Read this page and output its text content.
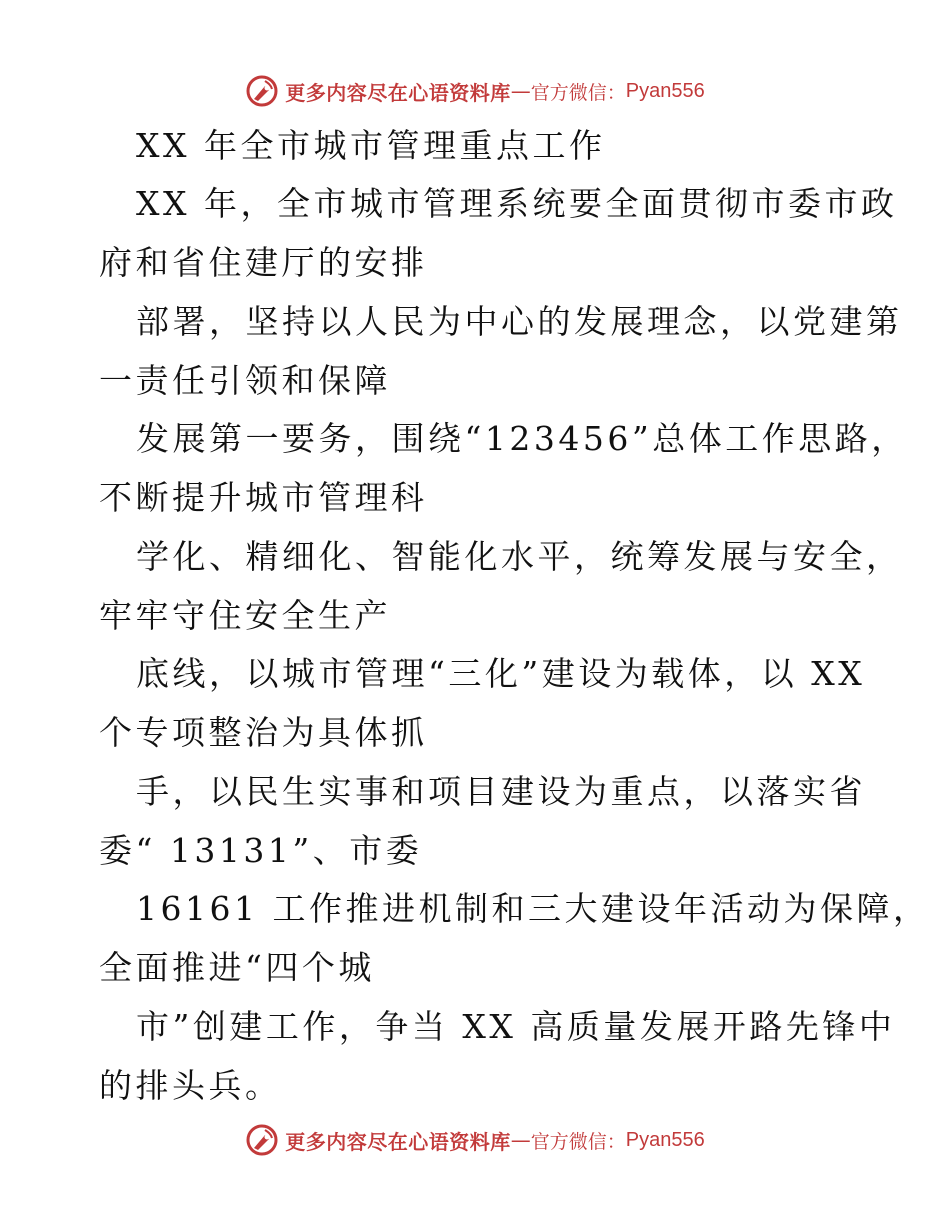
更多内容尽在心语资料库 — 官方微信： Pyan556
XX 年全市城市管理重点工作
XX 年，全市城市管理系统要全面贯彻市委市政
府和省住建厅的安排
部署，坚持以人民为中心的发展理念，以党建第
一责任引领和保障
发展第一要务，围绕“123456”总体工作思路，
不断提升城市管理科
学化、精细化、智能化水平，统筹发展与安全，
牢牢守住安全生产
底线，以城市管理“三化”建设为载体，以 XX
个专项整治为具体抓
手，以民生实事和项目建设为重点，以落实省
委“ 13131”、市委
16161 工作推进机制和三大建设年活动为保障，
全面推进“四个城
市”创建工作，争当 XX 高质量发展开路先锋中
的排头兵。
更多内容尽在心语资料库 — 官方微信： Pyan556
